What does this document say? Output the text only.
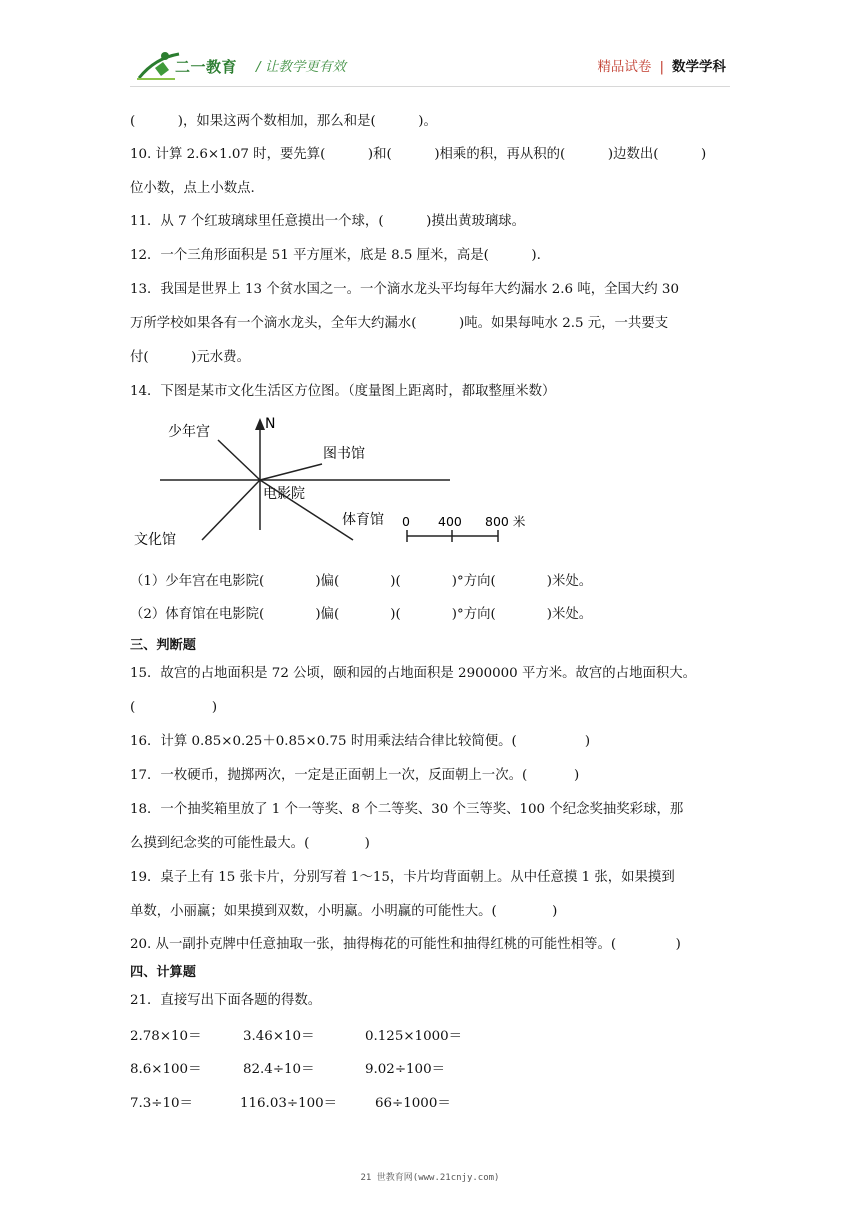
二一教育 / 让教学更有效	精品试卷 | 数学学科
(          )，如果这两个数相加，那么和是(          )。
10. 计算 2.6×1.07 时，要先算(          )和(          )相乘的积，再从积的(          )边数出(          )
位小数，点上小数点.
11．从 7 个红玻璃球里任意摸出一个球，(          )摸出黄玻璃球。
12．一个三角形面积是 51 平方厘米，底是 8.5 厘米，高是(          ).
13．我国是世界上 13 个贫水国之一。一个滴水龙头平均每年大约漏水 2.6 吨，全国大约 30
万所学校如果各有一个滴水龙头，全年大约漏水(          )吨。如果每吨水 2.5 元，一共要支
付(          )元水费。
14．下图是某市文化生活区方位图。（度量图上距离时，都取整厘米数）
N
少年宫
图书馆
电影院
体育馆
文化馆
0 400 800 米
（1）少年宫在电影院(            )偏(            )(            )°方向(            )米处。
（2）体育馆在电影院(            )偏(            )(            )°方向(            )米处。
三、判断题
15．故宫的占地面积是 72 公顷，颐和园的占地面积是 2900000 平方米。故宫的占地面积大。
(                  )
16．计算 0.85×0.25＋0.85×0.75 时用乘法结合律比较简便。(                )
17．一枚硬币，抛掷两次，一定是正面朝上一次，反面朝上一次。(           )
18．一个抽奖箱里放了 1 个一等奖、8 个二等奖、30 个三等奖、100 个纪念奖抽奖彩球，那
么摸到纪念奖的可能性最大。(             )
19．桌子上有 15 张卡片，分别写着 1～15，卡片均背面朝上。从中任意摸 1 张，如果摸到
单数，小丽赢；如果摸到双数，小明赢。小明赢的可能性大。(             )
20. 从一副扑克牌中任意抽取一张，抽得梅花的可能性和抽得红桃的可能性相等。(              )
四、计算题
21．直接写出下面各题的得数。
2.78×10＝	3.46×10＝	0.125×1000＝
8.6×100＝	82.4÷10＝	9.02÷100＝
7.3÷10＝	116.03÷100＝	66÷1000＝
21 世教育网(www.21cnjy.com)
